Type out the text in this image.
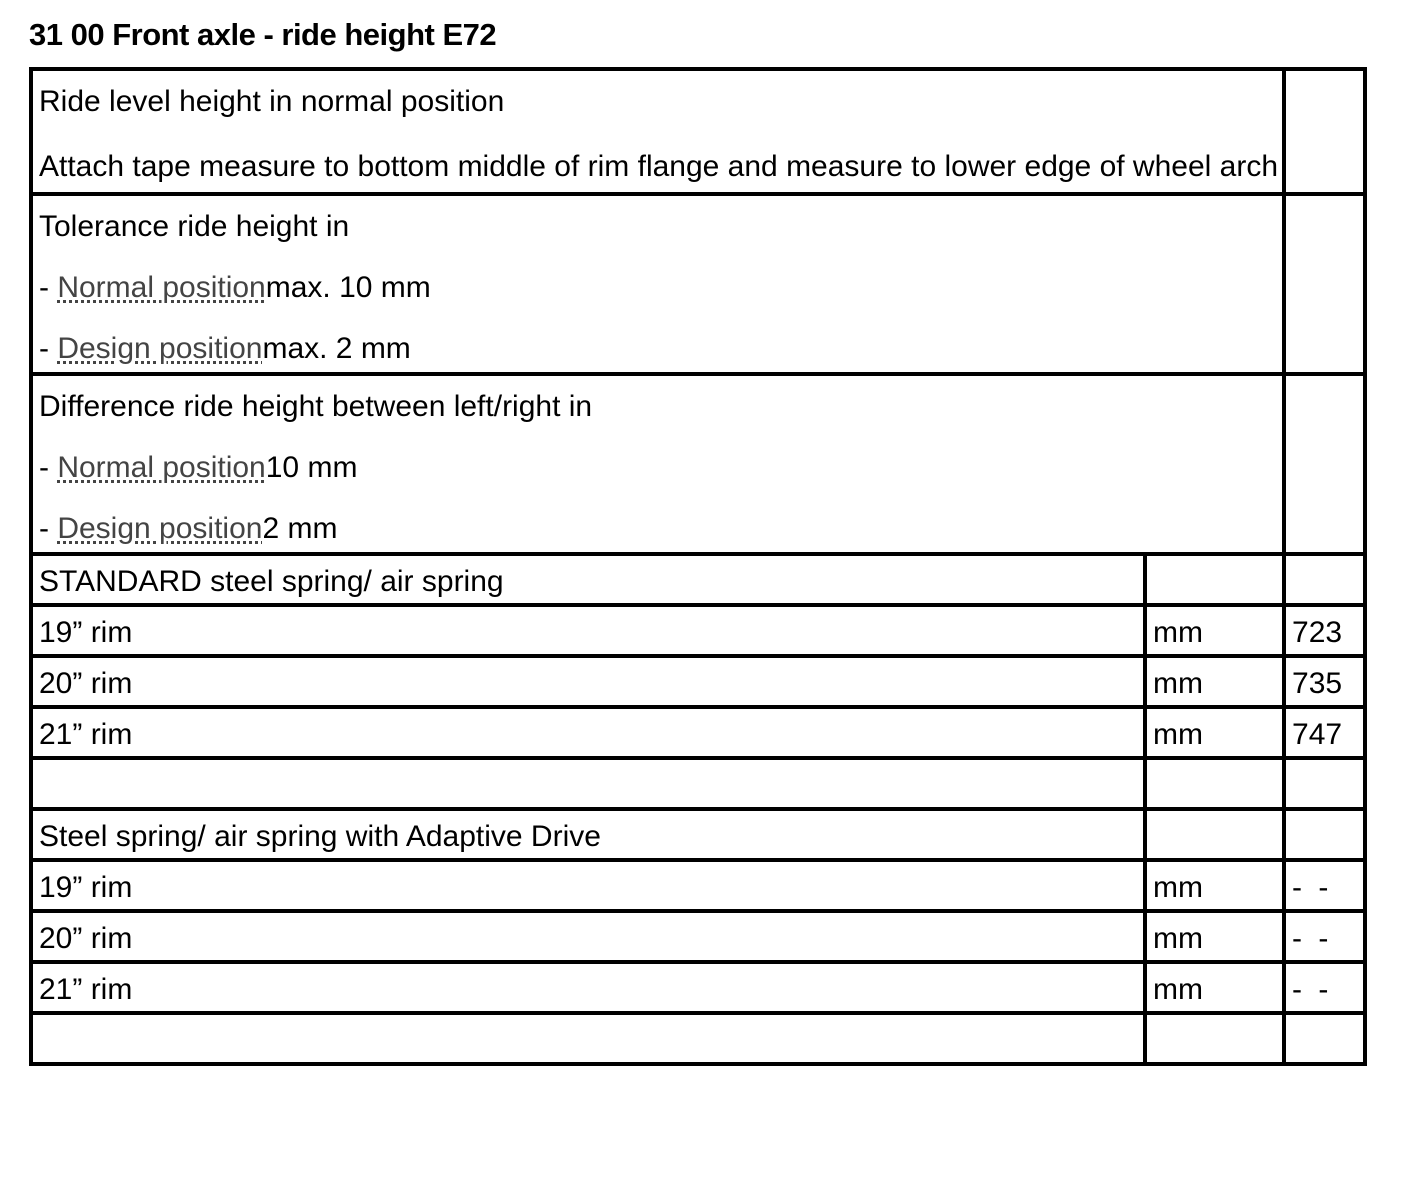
31 00 Front axle - ride height E72
Ride level height in normal position
Attach tape measure to bottom middle of rim flange and measure to lower edge of wheel arch		

Tolerance ride height in
- Normal positionmax. 10 mm
- Design positionmax. 2 mm		

Difference ride height between left/right in
- Normal position10 mm
- Design position2 mm		

STANDARD steel spring/ air spring		

19” rim	mm	723

20” rim	mm	735

21” rim	mm	747

Steel spring/ air spring with Adaptive Drive		

19” rim	mm	- -

20” rim	mm	- -

21” rim	mm	- -
